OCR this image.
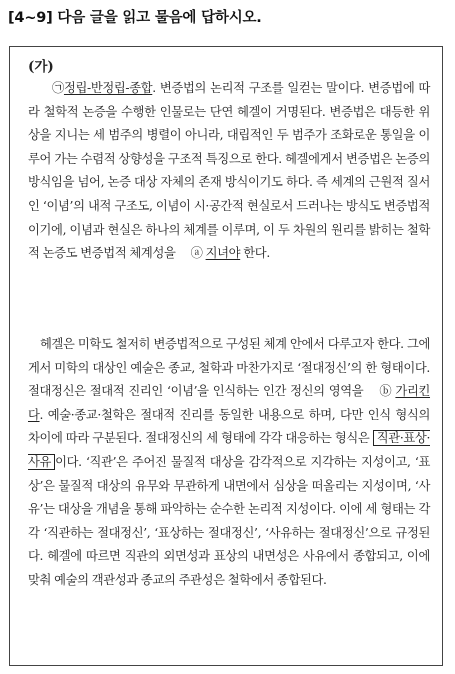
[4~9] 다음 글을 읽고 물음에 답하시오.
(가)

㉠정립-반정립-종합. 변증법의 논리적 구조를 일컫는 말이다. 변증법에 따라 철학적 논증을 수행한 인물로는 단연 헤겔이 거명된다. 변증법은 대등한 위상을 지니는 세 범주의 병렬이 아니라, 대립적인 두 범주가 조화로운 통일을 이루어 가는 수렴적 상향성을 구조적 특징으로 한다. 헤겔에게서 변증법은 논증의 방식임을 넘어, 논증 대상 자체의 존재 방식이기도 하다. 즉 세계의 근원적 질서인 ‘이념’의 내적 구조도, 이념이 시·공간적 현실로서 드러나는 방식도 변증법적이기에, 이념과 현실은 하나의 체계를 이루며, 이 두 차원의 원리를 밝히는 철학적 논증도 변증법적 체계성을 ⓐ 지녀야 한다.

헤겔은 미학도 철저히 변증법적으로 구성된 체계 안에서 다루고자 한다. 그에게서 미학의 대상인 예술은 종교, 철학과 마찬가지로 ‘절대정신’의 한 형태이다. 절대정신은 절대적 진리인 ‘이념’을 인식하는 인간 정신의 영역을 ⓑ 가리킨다. 예술·종교·철학은 절대적 진리를 동일한 내용으로 하며, 다만 인식 형식의 차이에 따라 구분된다. 절대정신의 세 형태에 각각 대응하는 형식은 직관·표상·사유 이다. ‘직관’은 주어진 물질적 대상을 감각적으로 지각하는 지성이고, ‘표상’은 물질적 대상의 유무와 무관하게 내면에서 심상을 떠올리는 지성이며, ‘사유’는 대상을 개념을 통해 파악하는 순수한 논리적 지성이다. 이에 세 형태는 각각 ‘직관하는 절대정신’, ‘표상하는 절대정신’, ‘사유하는 절대정신’으로 규정된다. 헤겔에 따르면 직관의 외면성과 표상의 내면성은 사유에서 종합되고, 이에 맞춰 예술의 객관성과 종교의 주관성은 철학에서 종합된다.
